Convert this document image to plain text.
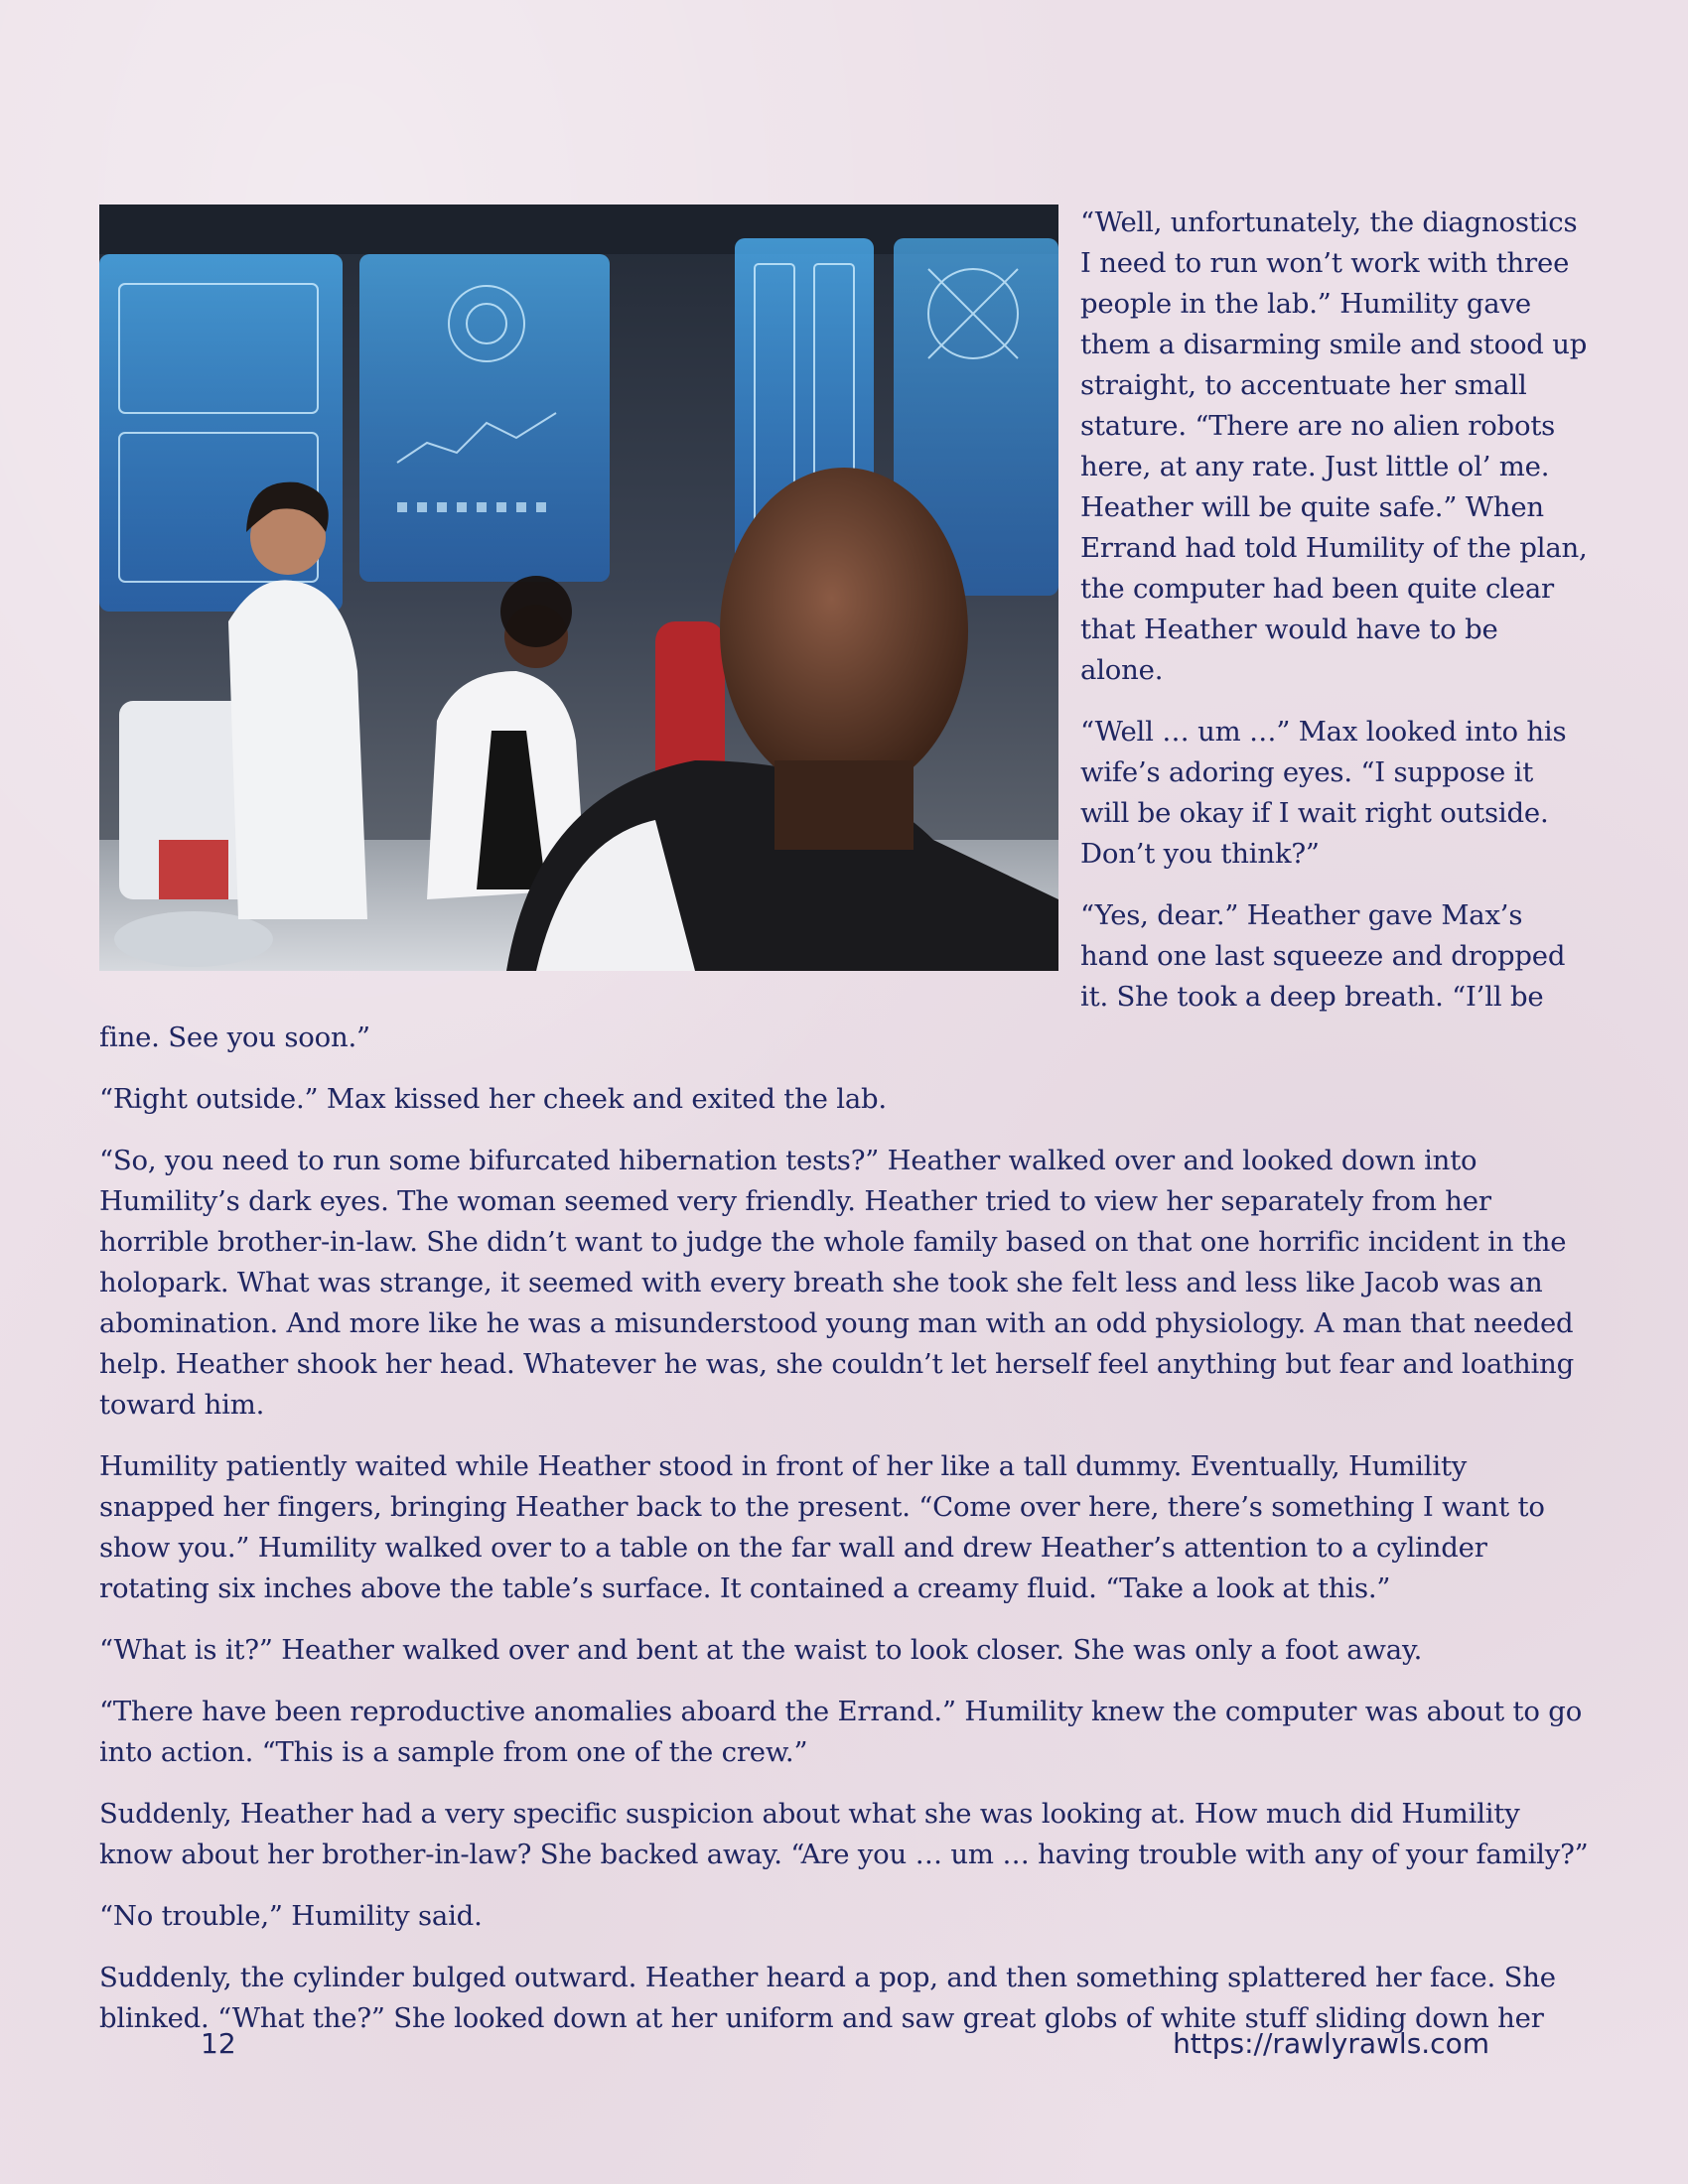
“Well, unfortunately, the diagnostics I need to run won’t work with three people in the lab.” Humility gave them a disarming smile and stood up straight, to accentuate her small stature. “There are no alien robots here, at any rate. Just little ol’ me. Heather will be quite safe.” When Errand had told Humility of the plan, the computer had been quite clear that Heather would have to be alone.

“Well … um …” Max looked into his wife’s adoring eyes. “I suppose it will be okay if I wait right outside. Don’t you think?”

“Yes, dear.” Heather gave Max’s hand one last squeeze and dropped it. She took a deep breath. “I’ll be fine. See you soon.”

“Right outside.” Max kissed her cheek and exited the lab.

“So, you need to run some bifurcated hibernation tests?” Heather walked over and looked down into Humility’s dark eyes. The woman seemed very friendly. Heather tried to view her separately from her horrible brother-in-law. She didn’t want to judge the whole family based on that one horrific incident in the holopark. What was strange, it seemed with every breath she took she felt less and less like Jacob was an abomination. And more like he was a misunderstood young man with an odd physiology. A man that needed help. Heather shook her head. Whatever he was, she couldn’t let herself feel anything but fear and loathing toward him.

Humility patiently waited while Heather stood in front of her like a tall dummy. Eventually, Humility snapped her fingers, bringing Heather back to the present. “Come over here, there’s something I want to show you.” Humility walked over to a table on the far wall and drew Heather’s attention to a cylinder rotating six inches above the table’s surface. It contained a creamy fluid. “Take a look at this.”

“What is it?” Heather walked over and bent at the waist to look closer. She was only a foot away.

“There have been reproductive anomalies aboard the Errand.” Humility knew the computer was about to go into action. “This is a sample from one of the crew.”

Suddenly, Heather had a very specific suspicion about what she was looking at. How much did Humility know about her brother-in-law? She backed away. “Are you … um … having trouble with any of your family?”

“No trouble,” Humility said.

Suddenly, the cylinder bulged outward. Heather heard a pop, and then something splattered her face. She blinked. “What the?” She looked down at her uniform and saw great globs of white stuff sliding down her

12	https://rawlyrawls.com
